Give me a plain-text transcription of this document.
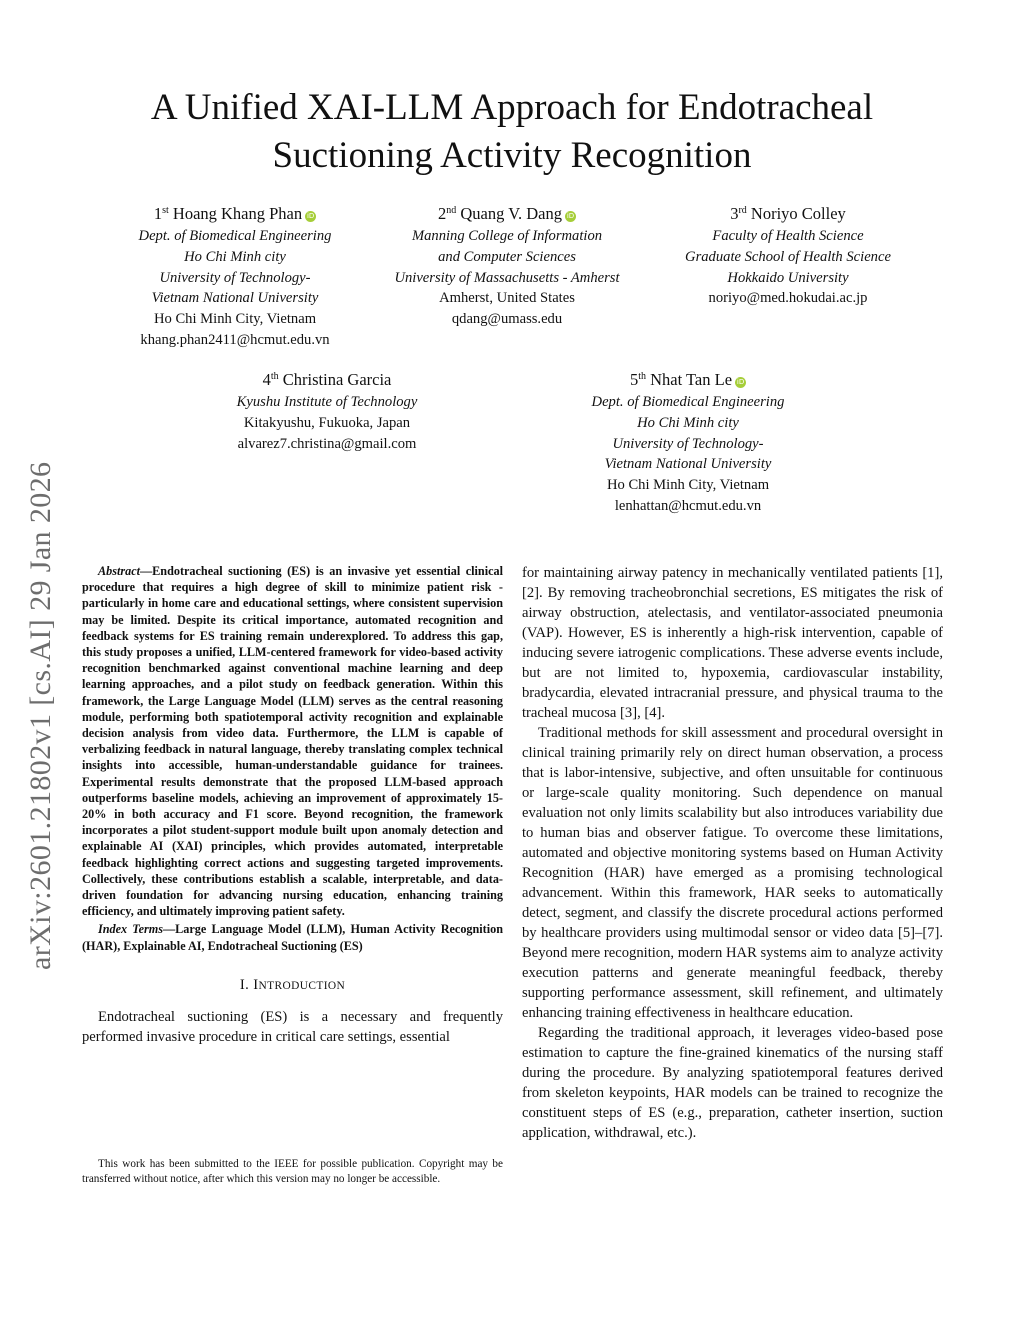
arXiv:2601.21802v1 [cs.AI] 29 Jan 2026
A Unified XAI-LLM Approach for Endotracheal
Suctioning Activity Recognition
1st Hoang Khang Phan iD
Dept. of Biomedical Engineering
Ho Chi Minh city
University of Technology-
Vietnam National University
Ho Chi Minh City, Vietnam
khang.phan2411@hcmut.edu.vn
2nd Quang V. Dang iD
Manning College of Information
and Computer Sciences
University of Massachusetts - Amherst
Amherst, United States
qdang@umass.edu
3rd Noriyo Colley
Faculty of Health Science
Graduate School of Health Science
Hokkaido University
noriyo@med.hokudai.ac.jp
4th Christina Garcia
Kyushu Institute of Technology
Kitakyushu, Fukuoka, Japan
alvarez7.christina@gmail.com
5th Nhat Tan Le iD
Dept. of Biomedical Engineering
Ho Chi Minh city
University of Technology-
Vietnam National University
Ho Chi Minh City, Vietnam
lenhattan@hcmut.edu.vn

Abstract—Endotracheal suctioning (ES) is an invasive yet essential clinical procedure that requires a high degree of skill to minimize patient risk - particularly in home care and educational settings, where consistent supervision may be limited. Despite its critical importance, automated recognition and feedback systems for ES training remain underexplored. To address this gap, this study proposes a unified, LLM-centered framework for video-based activity recognition benchmarked against conventional machine learning and deep learning approaches, and a pilot study on feedback generation. Within this framework, the Large Language Model (LLM) serves as the central reasoning module, performing both spatiotemporal activity recognition and explainable decision analysis from video data. Furthermore, the LLM is capable of verbalizing feedback in natural language, thereby translating complex technical insights into accessible, human-understandable guidance for trainees. Experimental results demonstrate that the proposed LLM-based approach outperforms baseline models, achieving an improvement of approximately 15-20% in both accuracy and F1 score. Beyond recognition, the framework incorporates a pilot student-support module built upon anomaly detection and explainable AI (XAI) principles, which provides automated, interpretable feedback highlighting correct actions and suggesting targeted improvements. Collectively, these contributions establish a scalable, interpretable, and data-driven foundation for advancing nursing education, enhancing training efficiency, and ultimately improving patient safety.

Index Terms—Large Language Model (LLM), Human Activity Recognition (HAR), Explainable AI, Endotracheal Suctioning (ES)

I. INTRODUCTION

Endotracheal suctioning (ES) is a necessary and frequently performed invasive procedure in critical care settings, essential

This work has been submitted to the IEEE for possible publication. Copyright may be transferred without notice, after which this version may no longer be accessible.

for maintaining airway patency in mechanically ventilated patients [1], [2]. By removing tracheobronchial secretions, ES mitigates the risk of airway obstruction, atelectasis, and ventilator-associated pneumonia (VAP). However, ES is inherently a high-risk intervention, capable of inducing severe iatrogenic complications. These adverse events include, but are not limited to, hypoxemia, cardiovascular instability, bradycardia, elevated intracranial pressure, and physical trauma to the tracheal mucosa [3], [4].

Traditional methods for skill assessment and procedural oversight in clinical training primarily rely on direct human observation, a process that is labor-intensive, subjective, and often unsuitable for continuous or large-scale quality monitoring. Such dependence on manual evaluation not only limits scalability but also introduces variability due to human bias and observer fatigue. To overcome these limitations, automated and objective monitoring systems based on Human Activity Recognition (HAR) have emerged as a promising technological advancement. Within this framework, HAR seeks to automatically detect, segment, and classify the discrete procedural actions performed by healthcare providers using multimodal sensor or video data [5]–[7]. Beyond mere recognition, modern HAR systems aim to analyze activity execution patterns and generate meaningful feedback, thereby supporting performance assessment, skill refinement, and ultimately enhancing training effectiveness in healthcare education.

Regarding the traditional approach, it leverages video-based pose estimation to capture the fine-grained kinematics of the nursing staff during the procedure. By analyzing spatiotemporal features derived from skeleton keypoints, HAR models can be trained to recognize the constituent steps of ES (e.g., preparation, catheter insertion, suction application, withdrawal, etc.).
